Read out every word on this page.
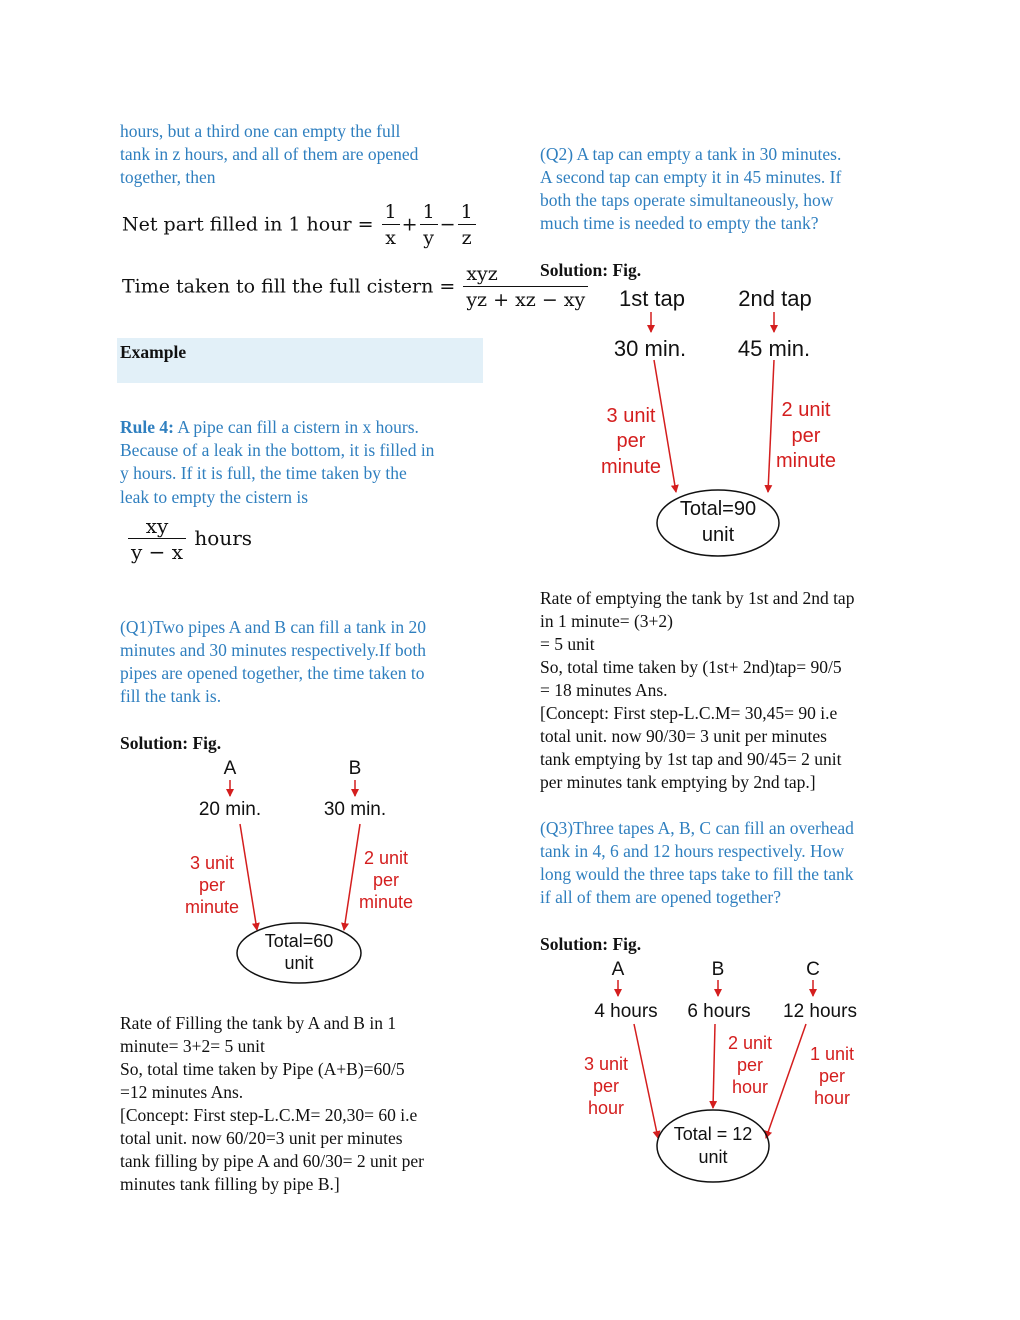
hours, but a third one can empty the full

tank in z hours, and all of them are opened

together, then

Net part filled in 1 hour = $\frac{1}{x} + \frac{1}{y} - \frac{1}{z}$
Time taken to fill the full cistern = $\frac{\text{xyz}}{yz + xz - xy}$

Example

Rule 4: A pipe can fill a cistern in x hours.

Because of a leak in the bottom, it is filled in

y hours. If it is full, the time taken by the

leak to empty the cistern is

$\frac{xy}{y - x}$ hours

(Q1)Two pipes A and B can fill a tank in 20

minutes and 30 minutes respectively.If both

pipes are opened together, the time taken to

fill the tank is.

Solution: Fig.

A	B
20 min.	30 min.
3 unit
per
minute
2 unit
per
minute
Total=60
unit

Rate of Filling the tank by A and B in 1

minute= 3+2= 5 unit

So, total time taken by Pipe (A+B)=60/5

=12 minutes Ans.

[Concept: First step-L.C.M= 20,30= 60 i.e

total unit. now 60/20=3 unit per minutes

tank filling by pipe A and 60/30= 2 unit per

minutes tank filling by pipe B.]

(Q2) A tap can empty a tank in 30 minutes.

A second tap can empty it in 45 minutes. If

both the taps operate simultaneously, how

much time is needed to empty the tank?

Solution: Fig.

1st tap 2nd tap
30 min. 45 min.
3 unit
per
minute
2 unit
per
minute
Total=90
unit

Rate of emptying the tank by 1st and 2nd tap

in 1 minute= (3+2)

= 5 unit

So, total time taken by (1st+ 2nd)tap= 90/5

= 18 minutes Ans.

[Concept: First step-L.C.M= 30,45= 90 i.e

total unit. now 90/30= 3 unit per minutes

tank emptying by 1st tap and 90/45= 2 unit

per minutes tank emptying by 2nd tap.]

(Q3)Three tapes A, B, C can fill an overhead

tank in 4, 6 and 12 hours respectively. How

long would the three taps take to fill the tank

if all of them are opened together?

Solution: Fig.

A	B	C
4 hours 6 hours 12 hours
3 unit
per
hour
2 unit
per
hour
1 unit
per
hour
Total = 12
unit
